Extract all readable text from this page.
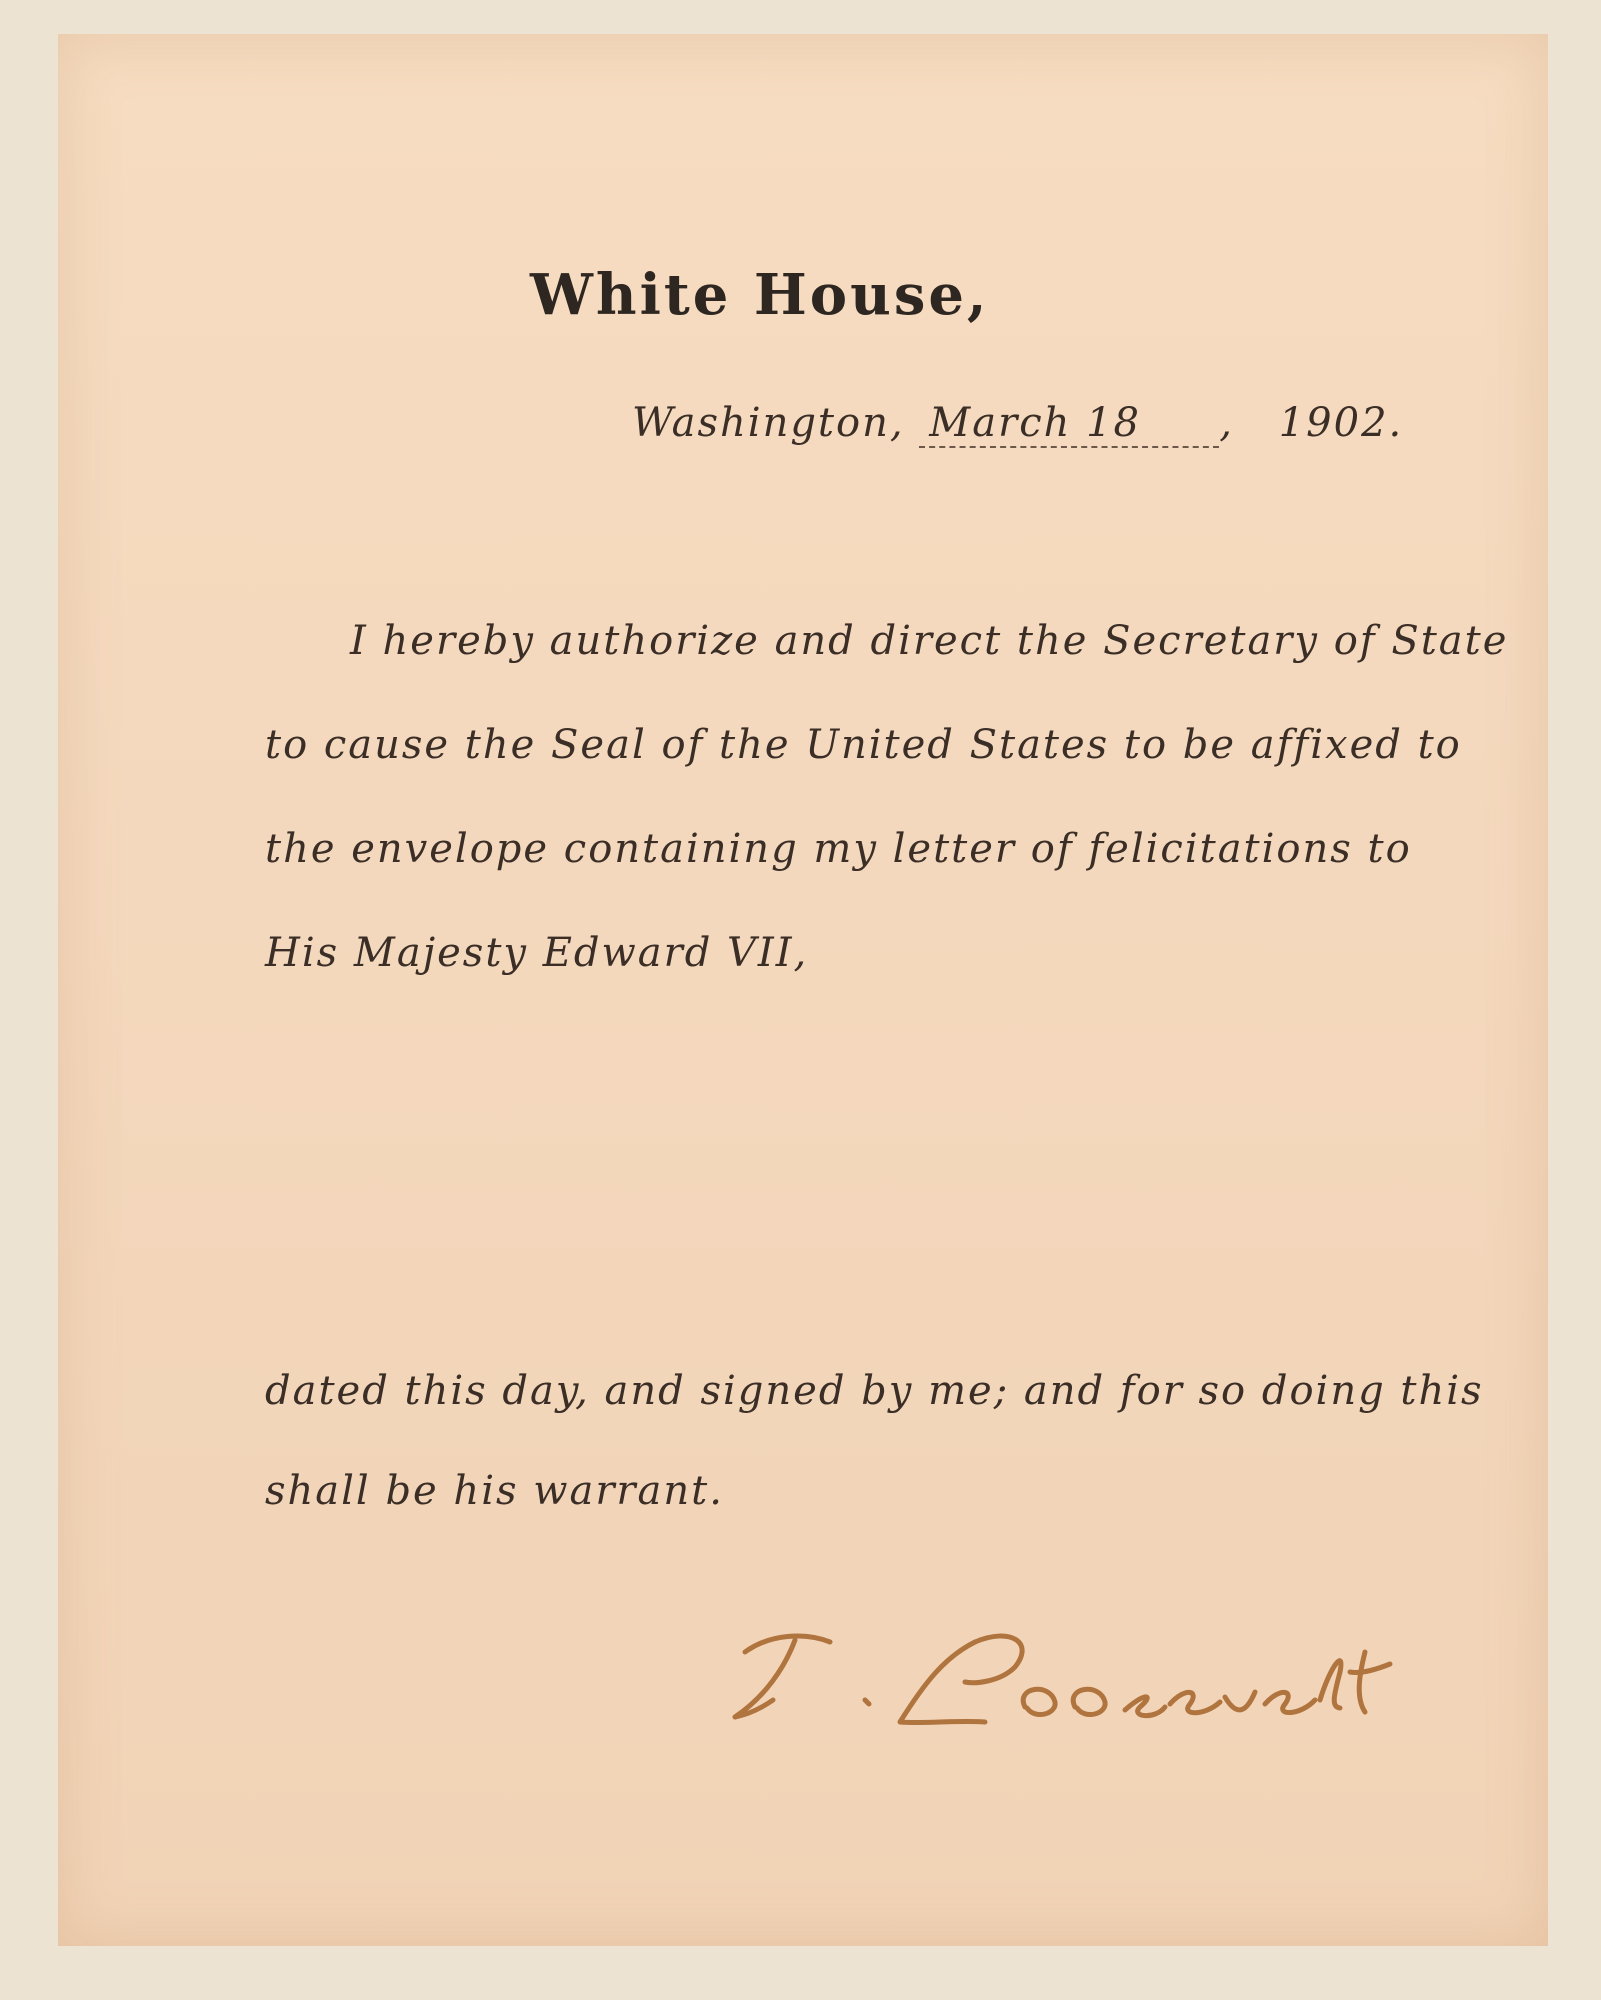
White House,
Washington, March 18 , 1902.
I hereby authorize and direct the Secretary of State
to cause the Seal of the United States to be affixed to
the envelope containing my letter of felicitations to
His Majesty Edward VII,
dated this day, and signed by me; and for so doing this
shall be his warrant.
